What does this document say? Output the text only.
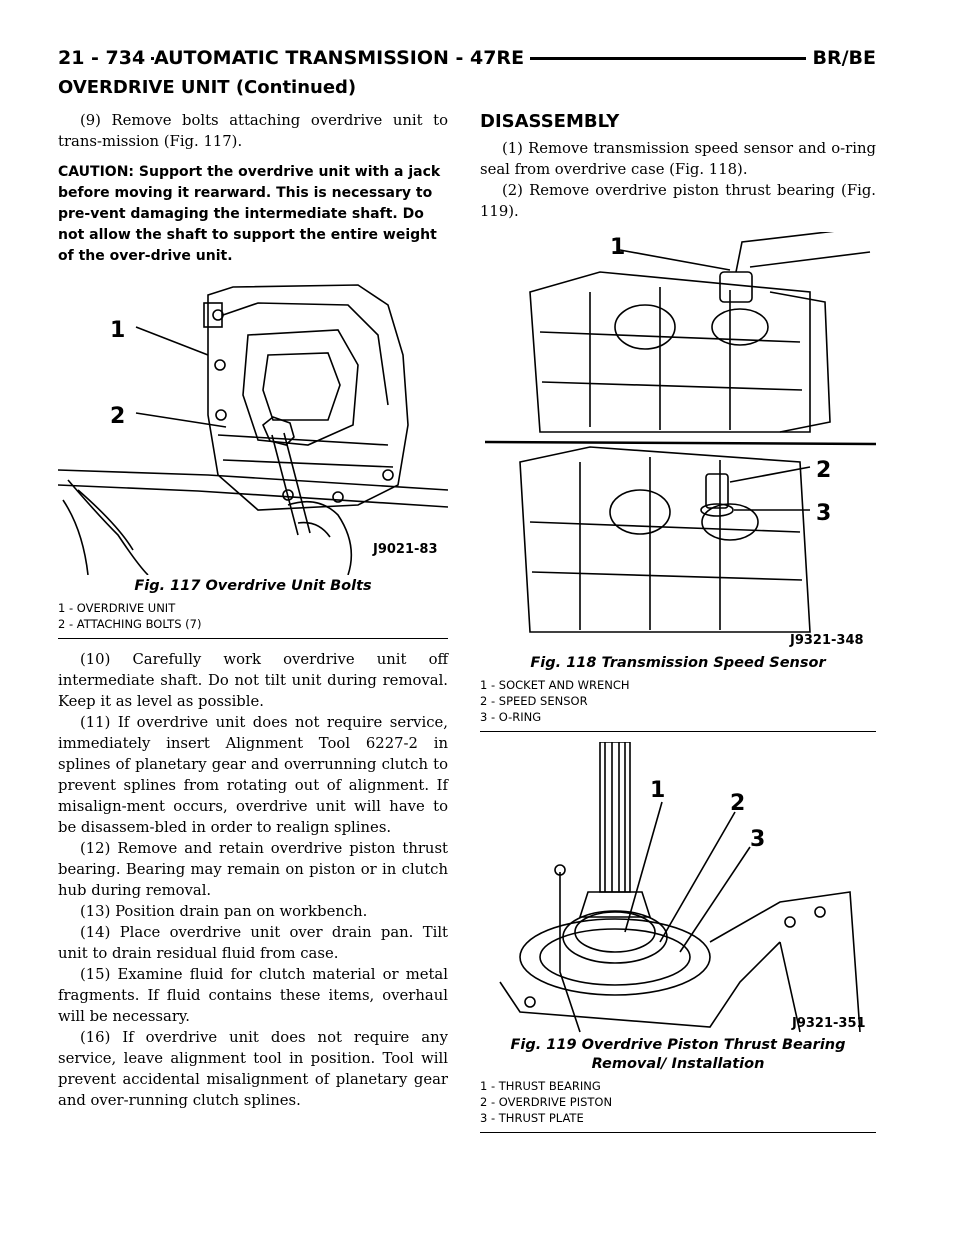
21 - 734 AUTOMATIC TRANSMISSION - 47RE	BR/BE
OVERDRIVE UNIT (Continued)

(9) Remove bolts attaching overdrive unit to trans-mission (Fig. 117).

CAUTION: Support the overdrive unit with a jack before moving it rearward. This is necessary to pre-vent damaging the intermediate shaft. Do not allow the shaft to support the entire weight of the over-drive unit.

1
2
J9021-83
Fig. 117 Overdrive Unit Bolts
1 - OVERDRIVE UNIT
2 - ATTACHING BOLTS (7)

(10) Carefully work overdrive unit off intermediate shaft. Do not tilt unit during removal. Keep it as level as possible.

(11) If overdrive unit does not require service, immediately insert Alignment Tool 6227-2 in splines of planetary gear and overrunning clutch to prevent splines from rotating out of alignment. If misalign-ment occurs, overdrive unit will have to be disassem-bled in order to realign splines.

(12) Remove and retain overdrive piston thrust bearing. Bearing may remain on piston or in clutch hub during removal.

(13) Position drain pan on workbench.

(14) Place overdrive unit over drain pan. Tilt unit to drain residual fluid from case.

(15) Examine fluid for clutch material or metal fragments. If fluid contains these items, overhaul will be necessary.

(16) If overdrive unit does not require any service, leave alignment tool in position. Tool will prevent accidental misalignment of planetary gear and over-running clutch splines.

DISASSEMBLY

(1) Remove transmission speed sensor and o-ring seal from overdrive case (Fig. 118).

(2) Remove overdrive piston thrust bearing (Fig. 119).

1
2
3
J9321-348
Fig. 118 Transmission Speed Sensor
1 - SOCKET AND WRENCH
2 - SPEED SENSOR
3 - O-RING
1
2
3
J9321-351
Fig. 119 Overdrive Piston Thrust Bearing Removal/ Installation
1 - THRUST BEARING
2 - OVERDRIVE PISTON
3 - THRUST PLATE
